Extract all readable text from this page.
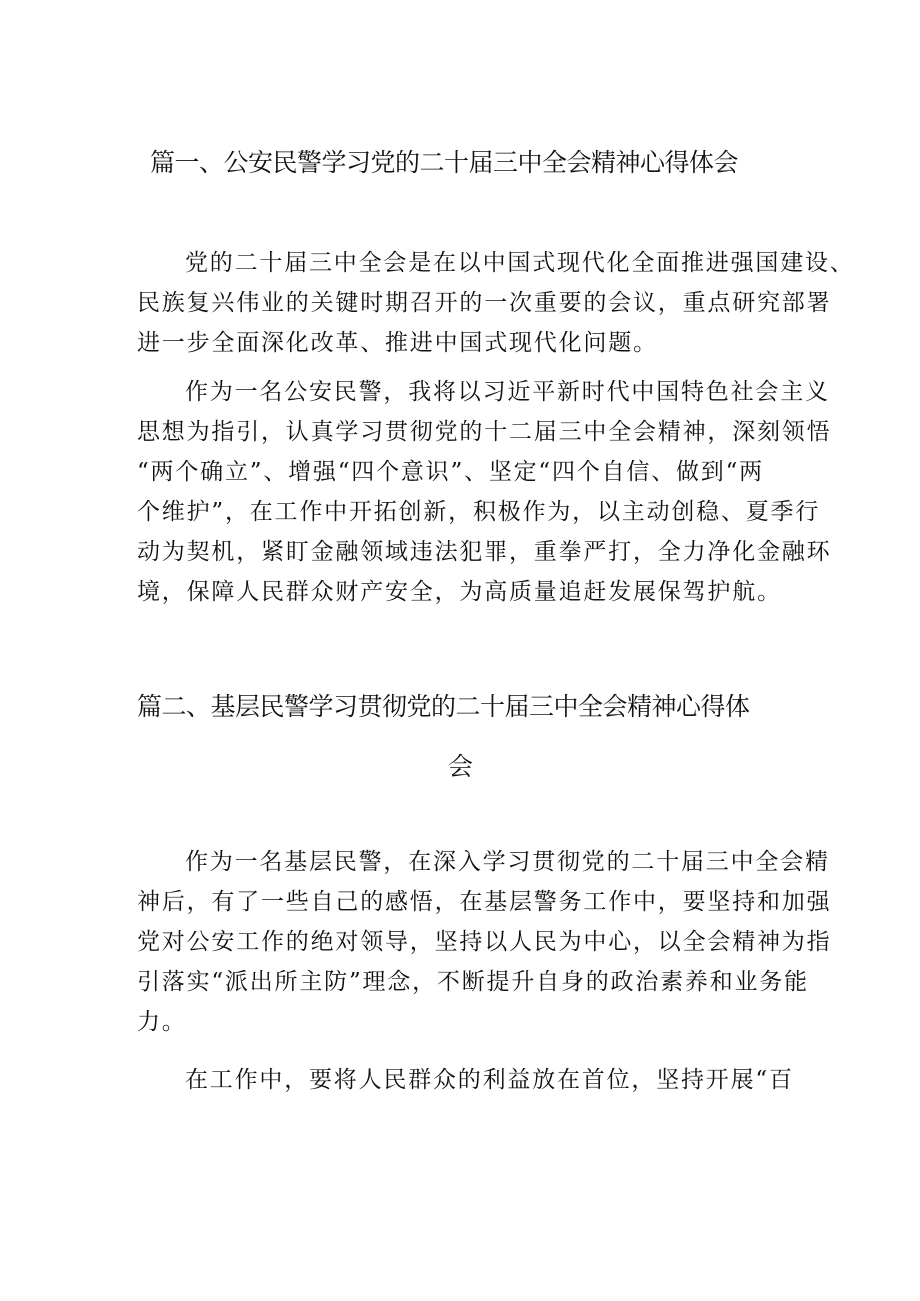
篇一、公安民警学习党的二十届三中全会精神心得体会
党的二十届三中全会是在以中国式现代化全面推进强国建设、
民族复兴伟业的关键时期召开的一次重要的会议，重点研究部署
进一步全面深化改革、推进中国式现代化问题。
作为一名公安民警，我将以习近平新时代中国特色社会主义
思想为指引，认真学习贯彻党的十二届三中全会精神，深刻领悟
“两个确立”、增强“四个意识”、坚定“四个自信、做到“两
个维护”，在工作中开拓创新，积极作为，以主动创稳、夏季行
动为契机，紧盯金融领域违法犯罪，重拳严打，全力净化金融环
境，保障人民群众财产安全，为高质量追赶发展保驾护航。
篇二、基层民警学习贯彻党的二十届三中全会精神心得体
会
作为一名基层民警，在深入学习贯彻党的二十届三中全会精
神后，有了一些自己的感悟，在基层警务工作中，要坚持和加强
党对公安工作的绝对领导，坚持以人民为中心，以全会精神为指
引落实“派出所主防”理念，不断提升自身的政治素养和业务能
力。
在工作中，要将人民群众的利益放在首位，坚持开展“百
